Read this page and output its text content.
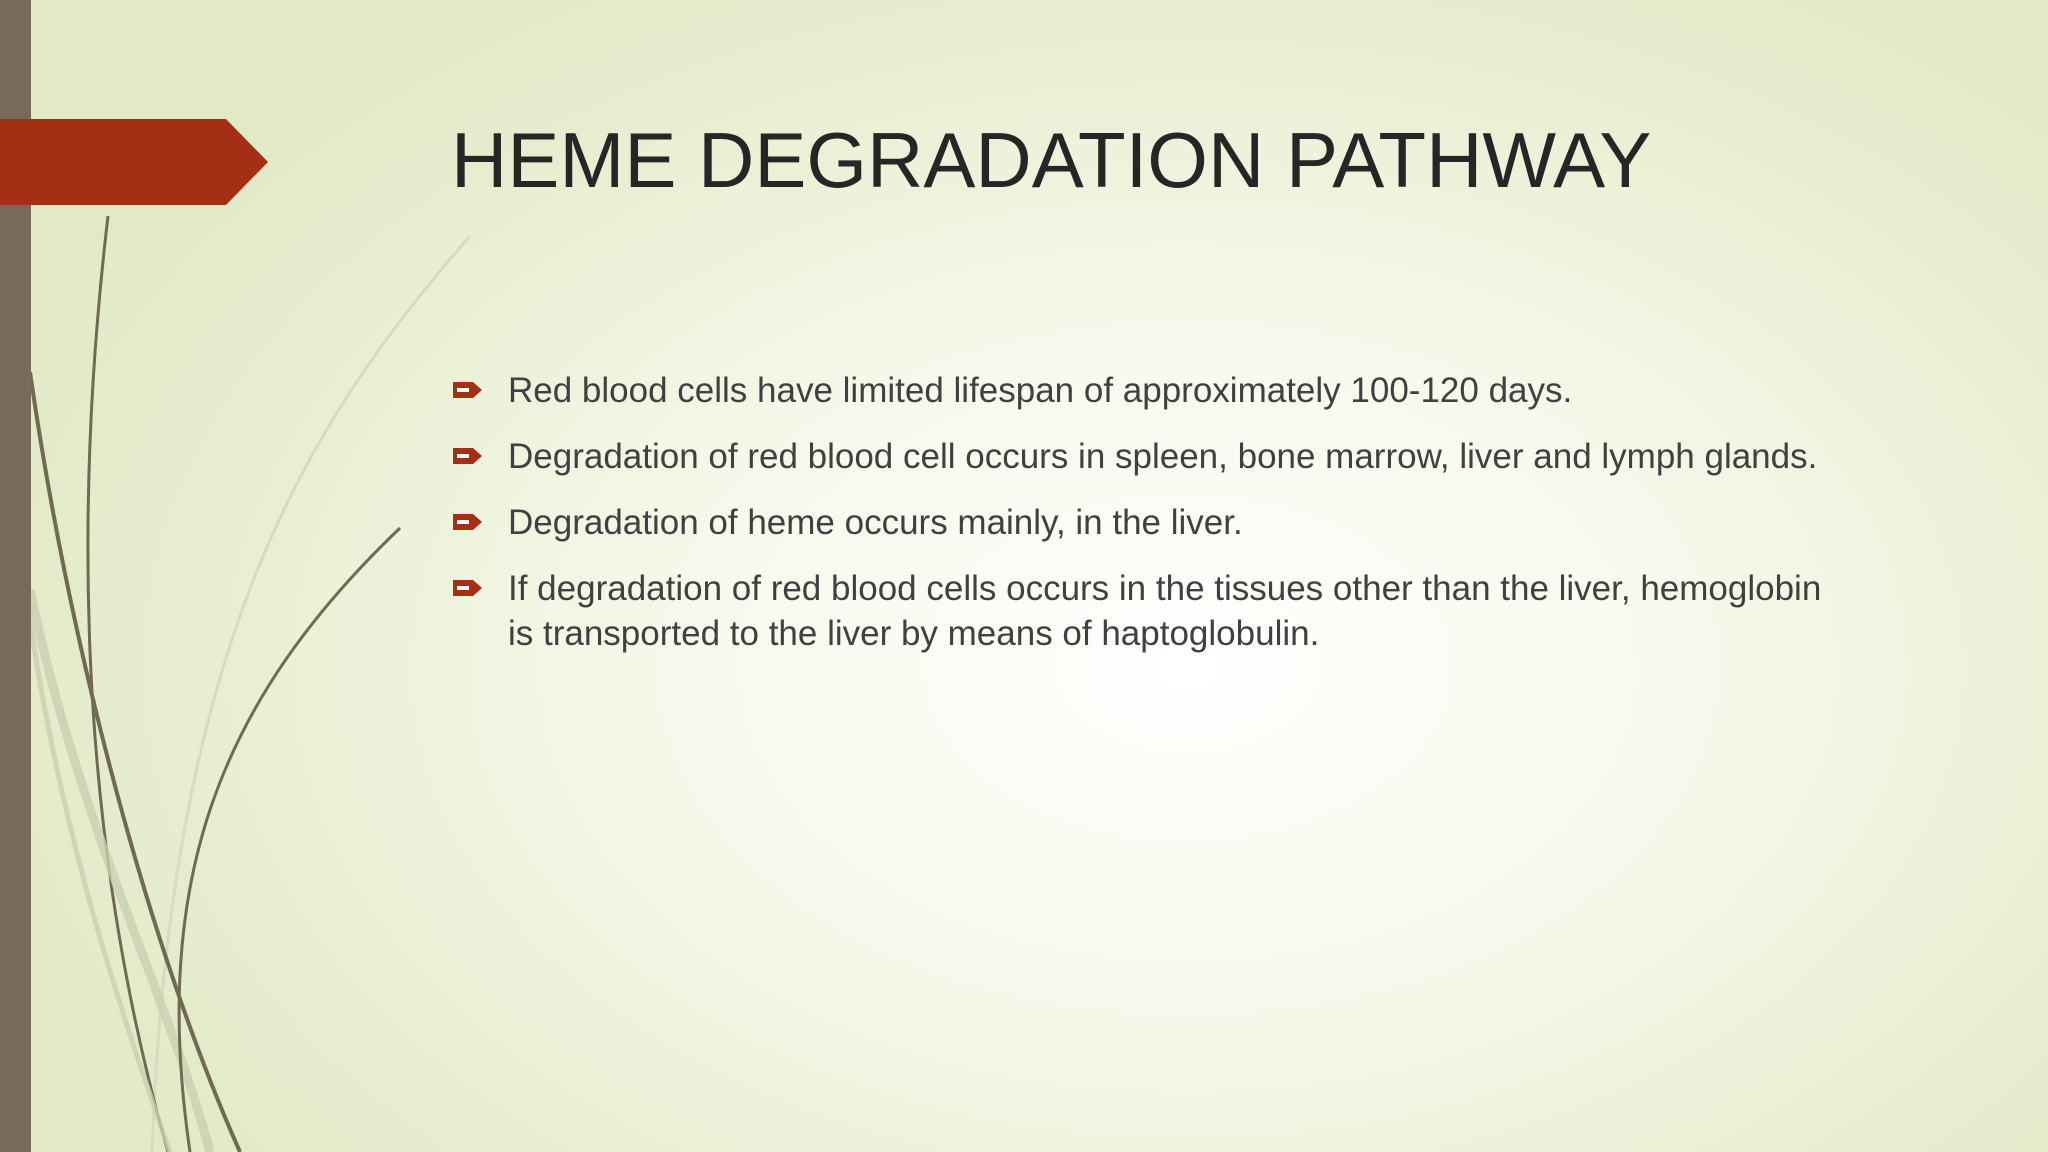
HEME DEGRADATION PATHWAY
Red blood cells have limited lifespan of approximately 100-120 days.
Degradation of red blood cell occurs in spleen, bone marrow, liver and lymph glands.
Degradation of heme occurs mainly, in the liver.
If degradation of red blood cells occurs in the tissues other than the liver, hemoglobin is transported to the liver by means of haptoglobulin.
